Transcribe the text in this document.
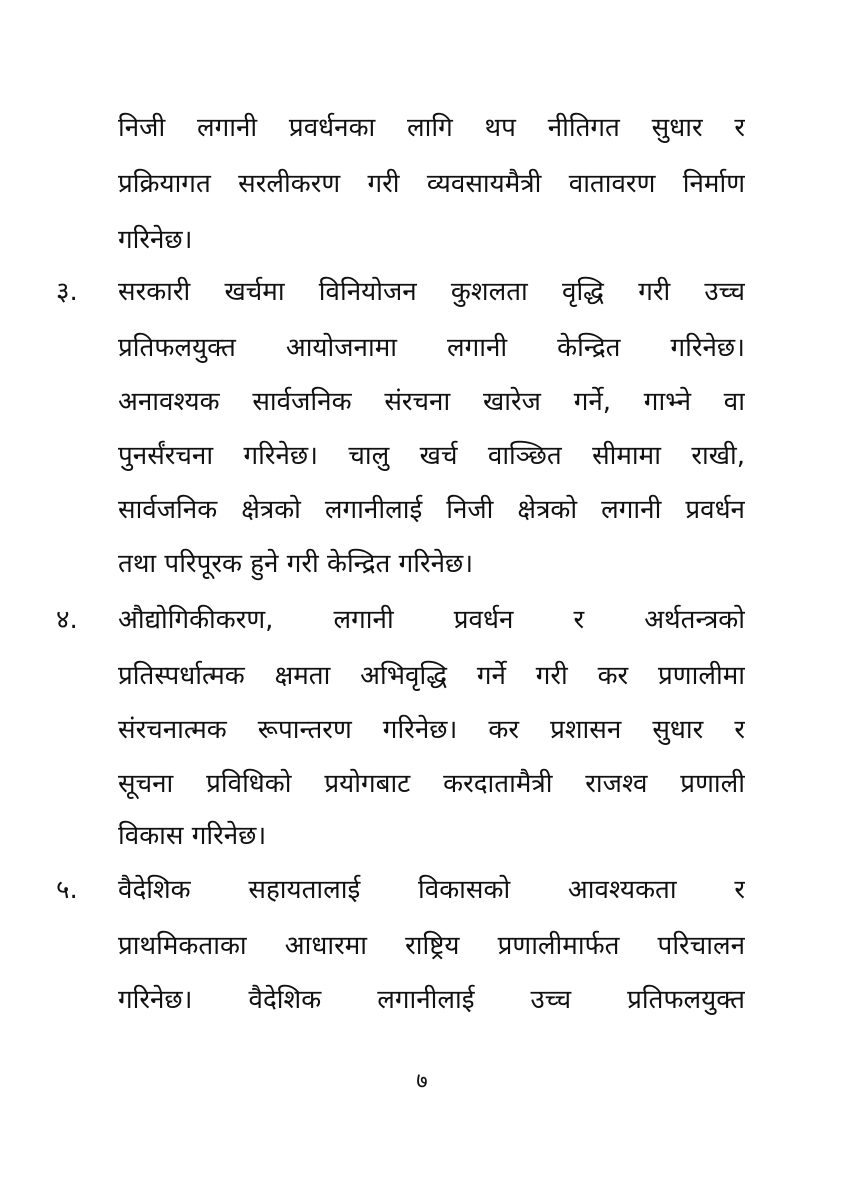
निजी लगानी प्रवर्धनका लागि थप नीतिगत सुधार र
प्रक्रियागत सरलीकरण गरी व्यवसायमैत्री वातावरण निर्माण
गरिनेछ।
३.	सरकारी खर्चमा विनियोजन कुशलता वृद्धि गरी उच्च
प्रतिफलयुक्त आयोजनामा लगानी केन्द्रित गरिनेछ।
अनावश्यक सार्वजनिक संरचना खारेज गर्ने, गाभ्ने वा
पुनर्संरचना गरिनेछ। चालु खर्च वाञ्छित सीमामा राखी,
सार्वजनिक क्षेत्रको लगानीलाई निजी क्षेत्रको लगानी प्रवर्धन
तथा परिपूरक हुने गरी केन्द्रित गरिनेछ।
४.	औद्योगिकीकरण, लगानी प्रवर्धन र अर्थतन्त्रको
प्रतिस्पर्धात्मक क्षमता अभिवृद्धि गर्ने गरी कर प्रणालीमा
संरचनात्मक रूपान्तरण गरिनेछ। कर प्रशासन सुधार र
सूचना प्रविधिको प्रयोगबाट करदातामैत्री राजश्व प्रणाली
विकास गरिनेछ।
५.	वैदेशिक सहायतालाई विकासको आवश्यकता र
प्राथमिकताका आधारमा राष्ट्रिय प्रणालीमार्फत परिचालन
गरिनेछ। वैदेशिक लगानीलाई उच्च प्रतिफलयुक्त
७
